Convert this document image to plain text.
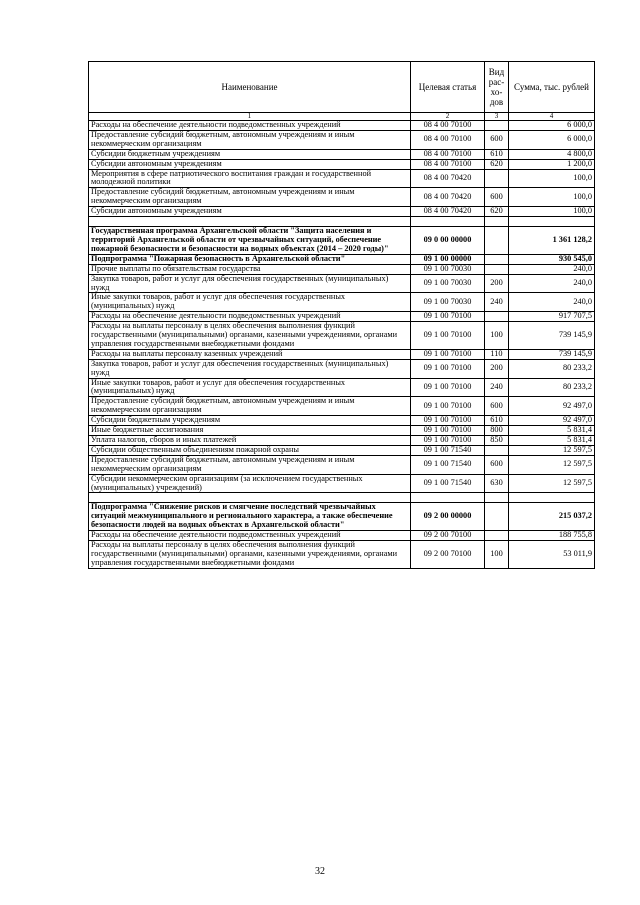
Наименование	Целевая статья	Вид рас-хо-дов	Сумма, тыс. рублей
1	2	3	4
Расходы на обеспечение деятельности подведомственных учреждений	08 4 00 70100		6 000,0
Предоставление субсидий бюджетным, автономным учреждениям и иным некоммерческим организациям	08 4 00 70100	600	6 000,0
Субсидии бюджетным учреждениям	08 4 00 70100	610	4 800,0
Субсидии автономным учреждениям	08 4 00 70100	620	1 200,0
Мероприятия в сфере патриотического воспитания граждан и государственной молодежной политики	08 4 00 70420		100,0
Предоставление субсидий бюджетным, автономным учреждениям и иным некоммерческим организациям	08 4 00 70420	600	100,0
Субсидии автономным учреждениям	08 4 00 70420	620	100,0

Государственная программа Архангельской области "Защита населения и территорий Архангельской области от чрезвычайных ситуаций, обеспечение пожарной безопасности и безопасности на водных объектах (2014 – 2020 годы)"	09 0 00 00000		1 361 128,2
Подпрограмма "Пожарная безопасность в Архангельской области"	09 1 00 00000		930 545,0
Прочие выплаты по обязательствам государства	09 1 00 70030		240,0
Закупка товаров, работ и услуг для обеспечения государственных (муниципальных) нужд	09 1 00 70030	200	240,0
Иные закупки товаров, работ и услуг для обеспечения государственных (муниципальных) нужд	09 1 00 70030	240	240,0
Расходы на обеспечение деятельности подведомственных учреждений	09 1 00 70100		917 707,5
Расходы на выплаты персоналу в целях обеспечения выполнения функций государственными (муниципальными) органами, казенными учреждениями, органами управления государственными внебюджетными фондами	09 1 00 70100	100	739 145,9
Расходы на выплаты персоналу казенных учреждений	09 1 00 70100	110	739 145,9
Закупка товаров, работ и услуг для обеспечения государственных (муниципальных) нужд	09 1 00 70100	200	80 233,2
Иные закупки товаров, работ и услуг для обеспечения государственных (муниципальных) нужд	09 1 00 70100	240	80 233,2
Предоставление субсидий бюджетным, автономным учреждениям и иным некоммерческим организациям	09 1 00 70100	600	92 497,0
Субсидии бюджетным учреждениям	09 1 00 70100	610	92 497,0
Иные бюджетные ассигнования	09 1 00 70100	800	5 831,4
Уплата налогов, сборов и иных платежей	09 1 00 70100	850	5 831,4
Субсидии общественным объединениям пожарной охраны	09 1 00 71540		12 597,5
Предоставление субсидий бюджетным, автономным учреждениям и иным некоммерческим организациям	09 1 00 71540	600	12 597,5
Субсидии некоммерческим организациям (за исключением государственных (муниципальных) учреждений)	09 1 00 71540	630	12 597,5

Подпрограмма "Снижение рисков и смягчение последствий чрезвычайных ситуаций межмуниципального и регионального характера, а также обеспечение безопасности людей на водных объектах в Архангельской области"	09 2 00 00000		215 037,2
Расходы на обеспечение деятельности подведомственных учреждений	09 2 00 70100		188 755,8
Расходы на выплаты персоналу в целях обеспечения выполнения функций государственными (муниципальными) органами, казенными учреждениями, органами управления государственными внебюджетными фондами	09 2 00 70100	100	53 011,9
32
